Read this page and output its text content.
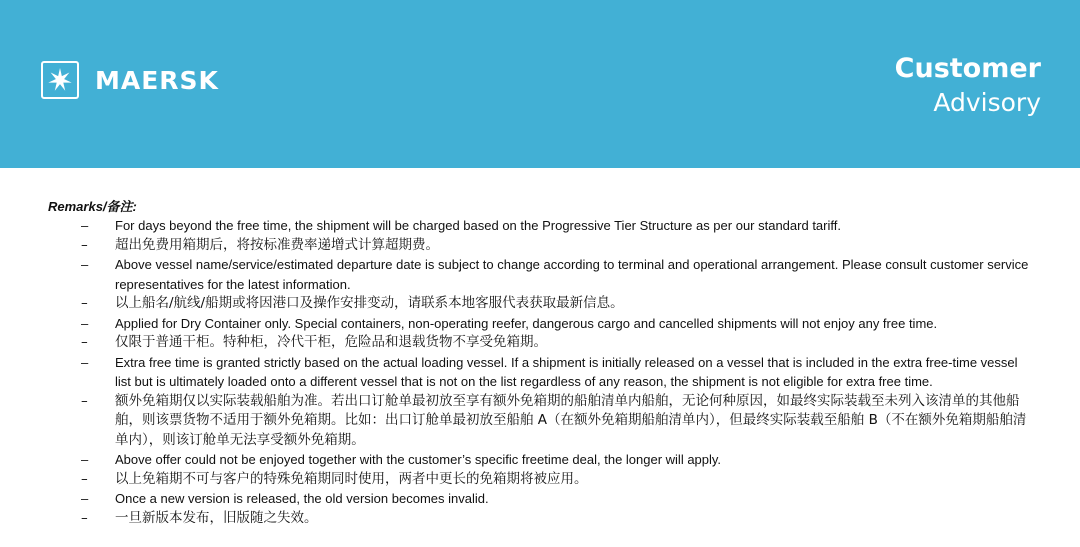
MAERSK	Customer
Advisory
Remarks/备注:
– For days beyond the free time, the shipment will be charged based on the Progressive Tier Structure as per our standard tariff.
– 超出免费用箱期后，将按标准费率递增式计算超期费。
– Above vessel name/service/estimated departure date is subject to change according to terminal and operational arrangement. Please consult customer service representatives for the latest information.
– 以上船名/航线/船期或将因港口及操作安排变动，请联系本地客服代表获取最新信息。
– Applied for Dry Container only. Special containers, non-operating reefer, dangerous cargo and cancelled shipments will not enjoy any free time.
– 仅限于普通干柜。特种柜，冷代干柜，危险品和退载货物不享受免箱期。
– Extra free time is granted strictly based on the actual loading vessel. If a shipment is initially released on a vessel that is included in the extra free-time vessel list but is ultimately loaded onto a different vessel that is not on the list regardless of any reason, the shipment is not eligible for extra free time.
– 额外免箱期仅以实际装载船舶为准。若出口订舱单最初放至享有额外免箱期的船舶清单内船舶，无论何种原因，如最终实际装载至未列入该清单的其他船舶，则该票货物不适用于额外免箱期。比如：出口订舱单最初放至船舶 A（在额外免箱期船舶清单内），但最终实际装载至船舶 B（不在额外免箱期船舶清单内），则该订舱单无法享受额外免箱期。
– Above offer could not be enjoyed together with the customer’s specific freetime deal, the longer will apply.
– 以上免箱期不可与客户的特殊免箱期同时使用，两者中更长的免箱期将被应用。
– Once a new version is released, the old version becomes invalid.
– 一旦新版本发布，旧版随之失效。
